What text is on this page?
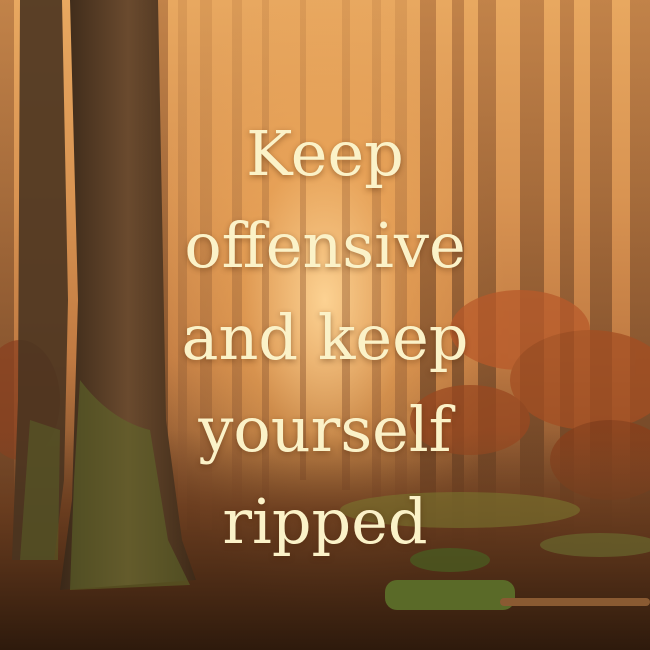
Keep
offensive
and keep
yourself
ripped
